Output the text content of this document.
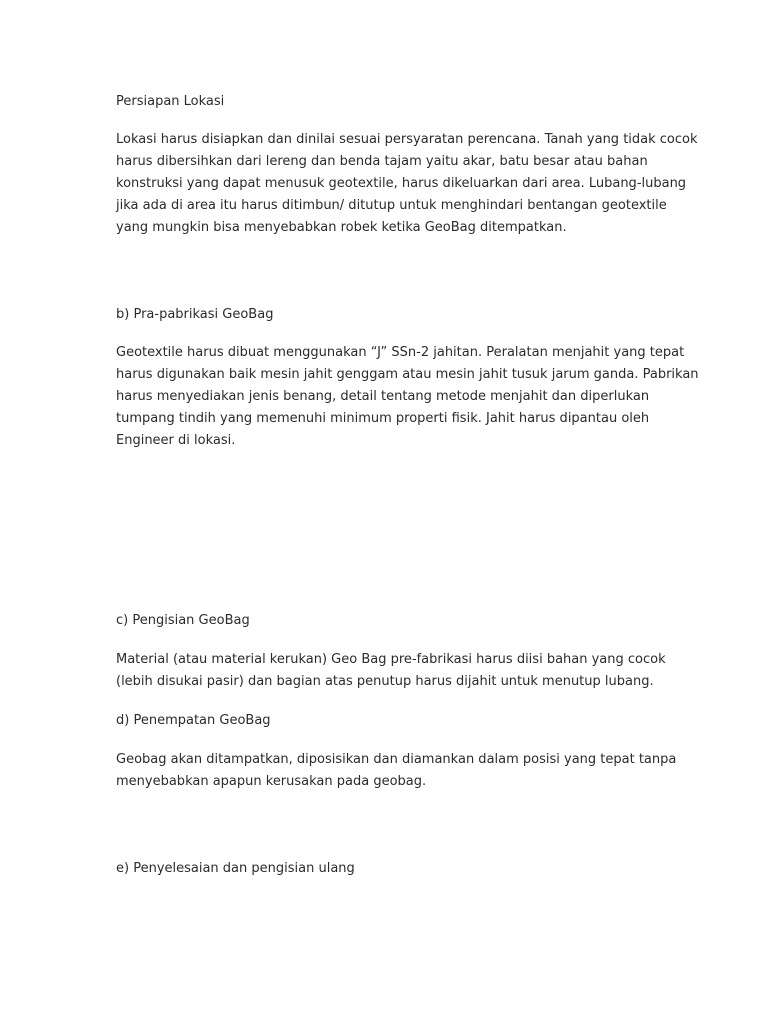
Persiapan Lokasi
Lokasi harus disiapkan dan dinilai sesuai persyaratan perencana. Tanah yang tidak cocok
harus dibersihkan dari lereng dan benda tajam yaitu akar, batu besar atau bahan
konstruksi yang dapat menusuk geotextile, harus dikeluarkan dari area. Lubang-lubang
jika ada di area itu harus ditimbun/ ditutup untuk menghindari bentangan geotextile
yang mungkin bisa menyebabkan robek ketika GeoBag ditempatkan.
b) Pra-pabrikasi GeoBag
Geotextile harus dibuat menggunakan “J” SSn-2 jahitan. Peralatan menjahit yang tepat
harus digunakan baik mesin jahit genggam atau mesin jahit tusuk jarum ganda. Pabrikan
harus menyediakan jenis benang, detail tentang metode menjahit dan diperlukan
tumpang tindih yang memenuhi minimum properti fisik. Jahit harus dipantau oleh
Engineer di lokasi.
c) Pengisian GeoBag
Material (atau material kerukan) Geo Bag pre-fabrikasi harus diisi bahan yang cocok
(lebih disukai pasir) dan bagian atas penutup harus dijahit untuk menutup lubang.
d) Penempatan GeoBag
Geobag akan ditampatkan, diposisikan dan diamankan dalam posisi yang tepat tanpa
menyebabkan apapun kerusakan pada geobag.
e) Penyelesaian dan pengisian ulang
